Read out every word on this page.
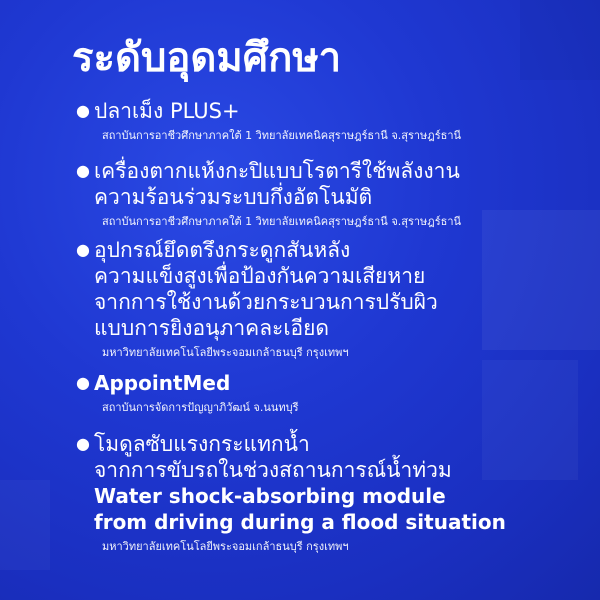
ระดับอุดมศึกษา
● ปลาเม็ง PLUS+
สถาบันการอาชีวศึกษาภาคใต้ 1 วิทยาลัยเทคนิคสุราษฎร์ธานี จ.สุราษฎร์ธานี
● เครื่องตากแห้งกะปิแบบโรตารีใช้พลังงาน
ความร้อนร่วมระบบกึ่งอัตโนมัติ
สถาบันการอาชีวศึกษาภาคใต้ 1 วิทยาลัยเทคนิคสุราษฎร์ธานี จ.สุราษฎร์ธานี
● อุปกรณ์ยึดตรึงกระดูกสันหลัง
ความแข็งสูงเพื่อป้องกันความเสียหาย
จากการใช้งานด้วยกระบวนการปรับผิว
แบบการยิงอนุภาคละเอียด
มหาวิทยาลัยเทคโนโลยีพระจอมเกล้าธนบุรี กรุงเทพฯ
● AppointMed
สถาบันการจัดการปัญญาภิวัฒน์ จ.นนทบุรี
● โมดูลซับแรงกระแทกน้ำ
จากการขับรถในช่วงสถานการณ์น้ำท่วม
Water shock-absorbing module
from driving during a flood situation
มหาวิทยาลัยเทคโนโลยีพระจอมเกล้าธนบุรี กรุงเทพฯ
